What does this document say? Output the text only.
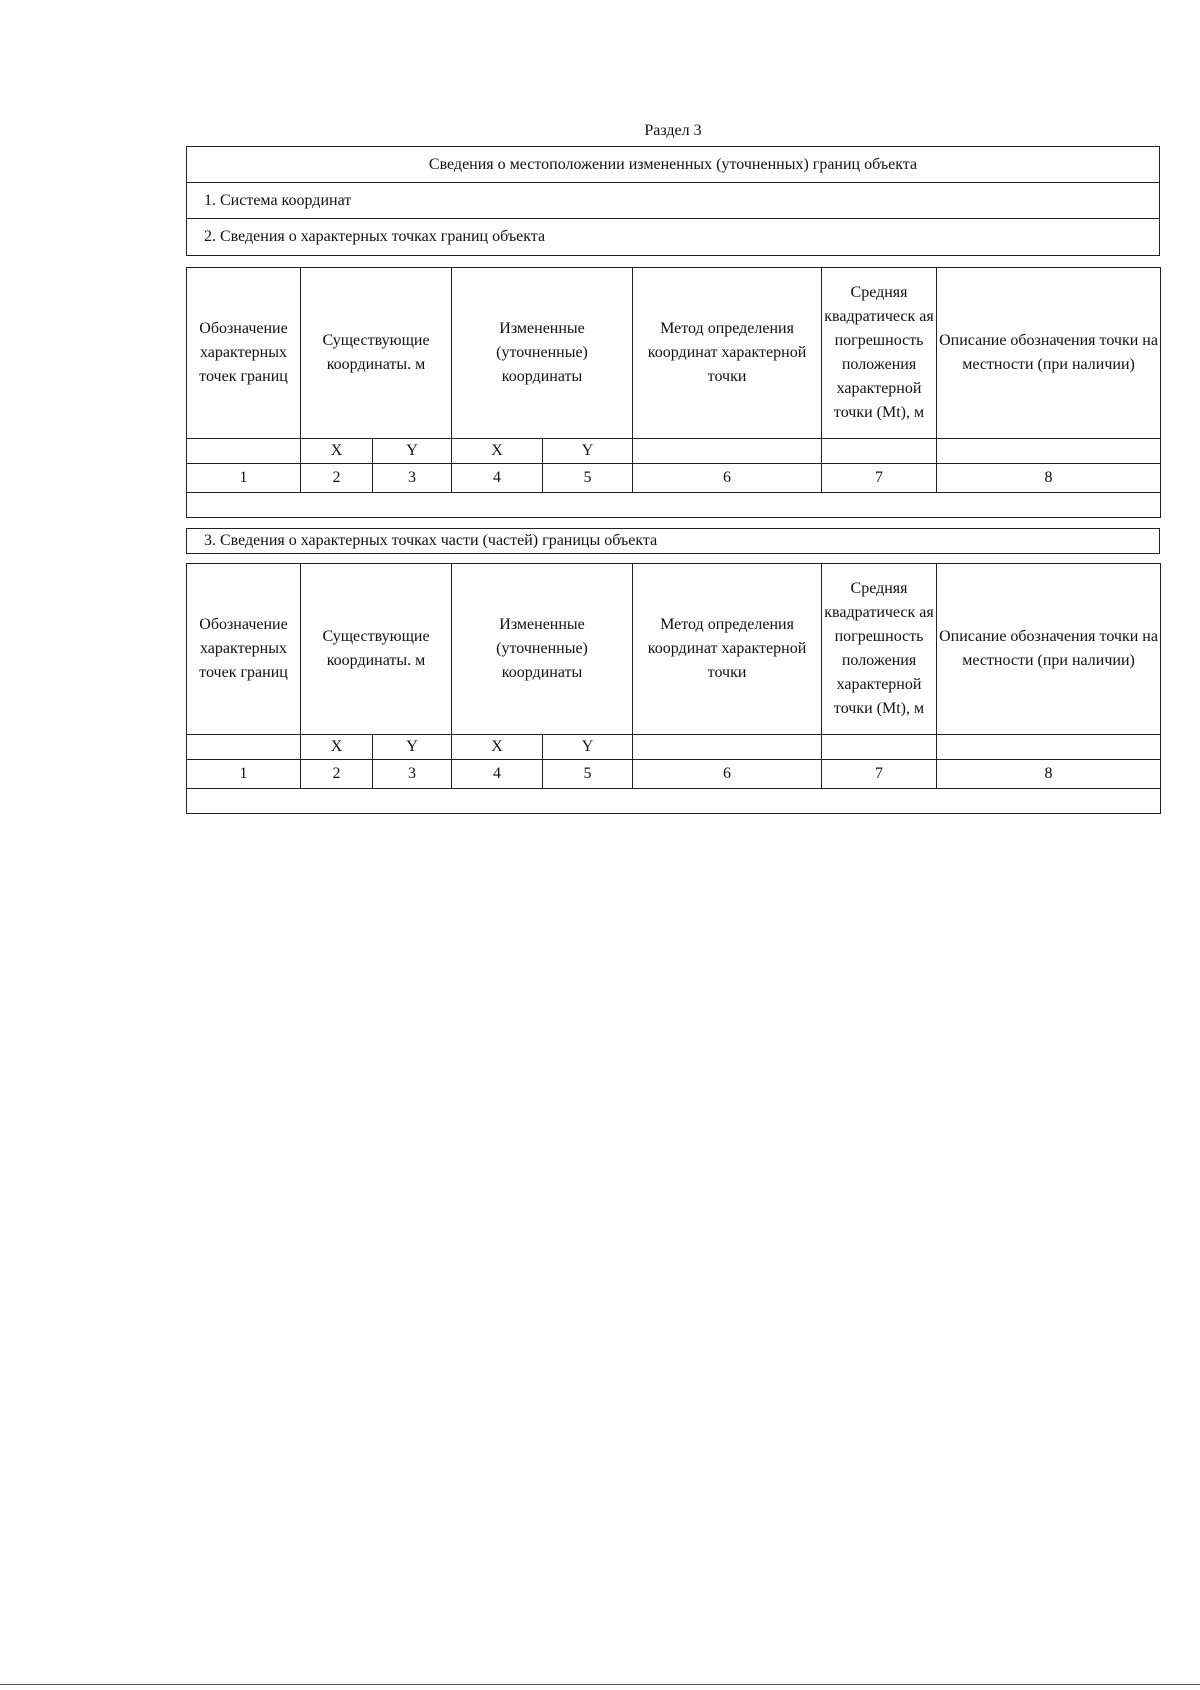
Раздел 3
Сведения о местоположении измененных (уточненных) границ объекта
1. Система координат
2. Сведения о характерных точках границ объекта
Обозначение характерных точек границ	Существующие координаты. м		Измененные (уточненные) координаты		Метод определения координат характерной точки	Средняя квадратическ ая погрешность положения характерной точки (Mt), м	Описание обозначения точки на местности (при наличии)
	X	Y	X	Y			
1	2	3	4	5	6	7	8

3. Сведения о характерных точках части (частей) границы объекта
Обозначение характерных точек границ	Существующие координаты. м		Измененные (уточненные) координаты		Метод определения координат характерной точки	Средняя квадратическ ая погрешность положения характерной точки (Mt), м	Описание обозначения точки на местности (при наличии)
	X	Y	X	Y			
1	2	3	4	5	6	7	8
